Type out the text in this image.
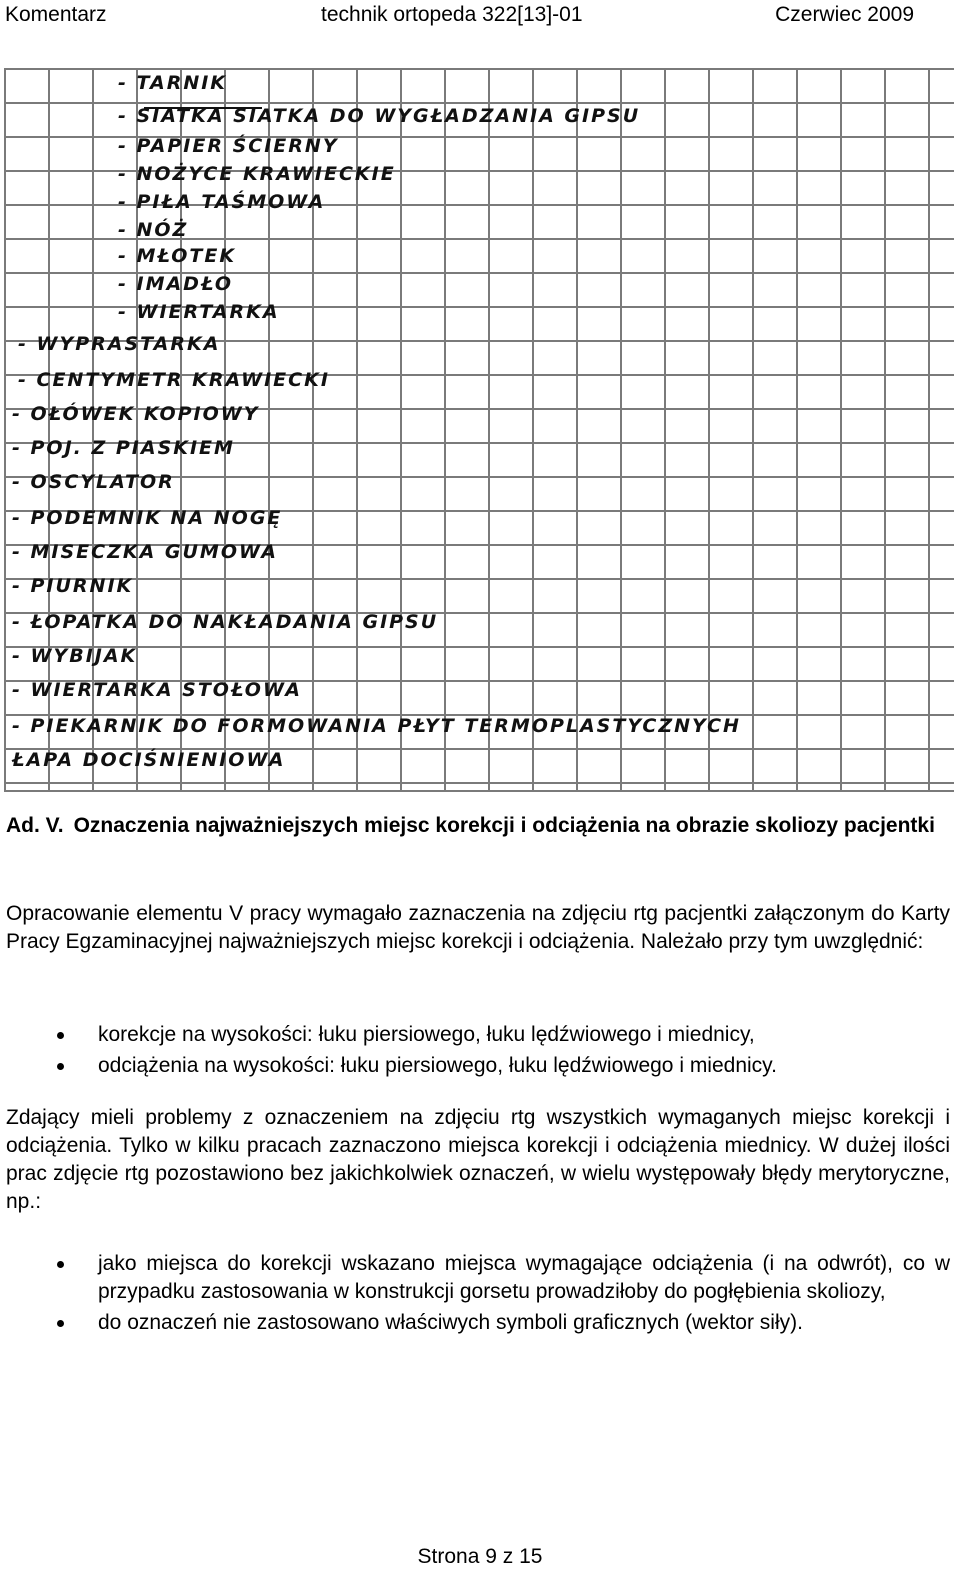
Komentarz	technik ortopeda 322[13]-01	Czerwiec 2009
- TARNIK
- SIATKA SIATKA DO WYGŁADZANIA GIPSU
- PAPIER ŚCIERNY
- NOŻYCE KRAWIECKIE
- PIŁA TAŚMOWA
- NÓŻ
- MŁOTEK
- IMADŁO
- WIERTARKA
- WYPRASTARKA
- CENTYMETR KRAWIECKI
- OŁÓWEK KOPIOWY
- POJ. Z PIASKIEM
- OSCYLATOR
- PODEMNIK NA NOGĘ
- MISECZKA GUMOWA
- PIURNIK
- ŁOPATKA DO NAKŁADANIA GIPSU
- WYBIJAK
- WIERTARKA STOŁOWA
- PIEKARNIK DO FORMOWANIA PŁYT TERMOPLASTYCZNYCH
ŁAPA DOCIŚNIENIOWA
Ad. V. Oznaczenia najważniejszych miejsc korekcji i odciążenia na obrazie skoliozy pacjentki
Opracowanie elementu V pracy wymagało zaznaczenia na zdjęciu rtg pacjentki załączonym do Karty Pracy Egzaminacyjnej najważniejszych miejsc korekcji i odciążenia. Należało przy tym uwzględnić:
korekcje na wysokości: łuku piersiowego, łuku lędźwiowego i miednicy,
odciążenia na wysokości: łuku piersiowego, łuku lędźwiowego i miednicy.
Zdający mieli problemy z oznaczeniem na zdjęciu rtg wszystkich wymaganych miejsc korekcji i odciążenia. Tylko w kilku pracach zaznaczono miejsca korekcji i odciążenia miednicy. W dużej ilości prac zdjęcie rtg pozostawiono bez jakichkolwiek oznaczeń, w wielu występowały błędy merytoryczne, np.:
jako miejsca do korekcji wskazano miejsca wymagające odciążenia (i na odwrót), co w przypadku zastosowania w konstrukcji gorsetu prowadziłoby do pogłębienia skoliozy,
do oznaczeń nie zastosowano właściwych symboli graficznych (wektor siły).
Strona 9 z 15
